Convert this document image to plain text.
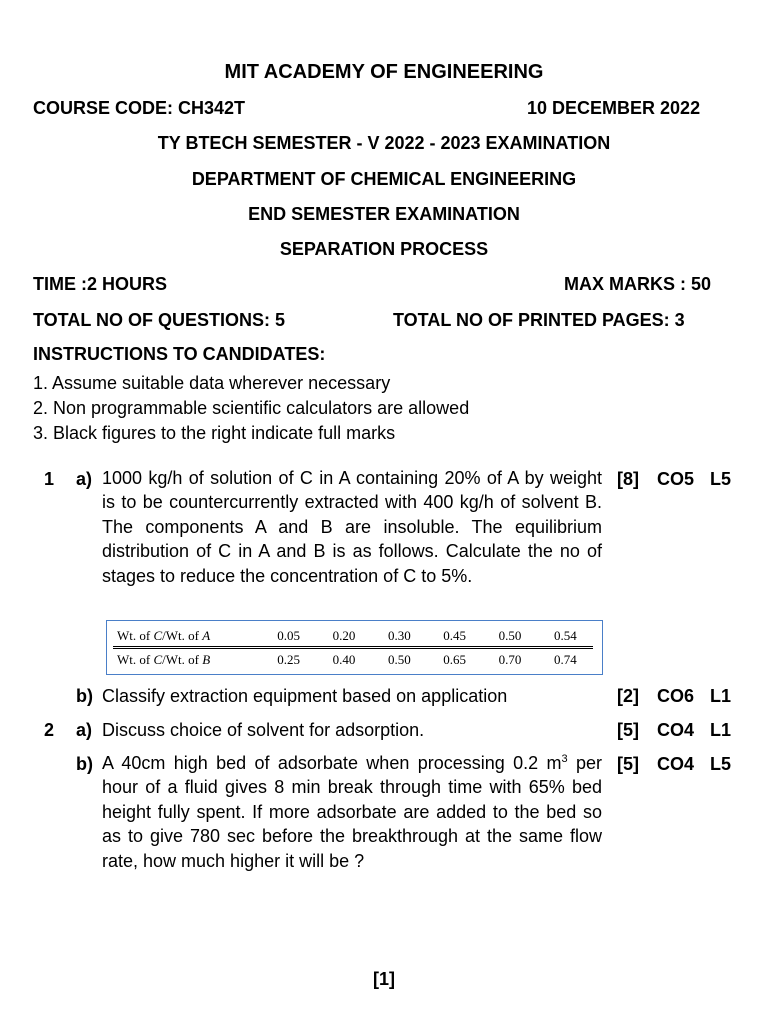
MIT ACADEMY OF ENGINEERING
COURSE CODE: CH342T	10 DECEMBER 2022
TY BTECH SEMESTER - V 2022 - 2023 EXAMINATION
DEPARTMENT OF CHEMICAL ENGINEERING
END SEMESTER EXAMINATION
SEPARATION PROCESS
TIME :2 HOURS	MAX MARKS : 50
TOTAL NO OF QUESTIONS: 5	TOTAL NO OF PRINTED PAGES: 3
INSTRUCTIONS TO CANDIDATES:
1. Assume suitable data wherever necessary
2. Non programmable scientific calculators are allowed
3. Black figures to the right indicate full marks
1 a) 1000 kg/h of solution of C in A containing 20% of A by weight is to be countercurrently extracted with 400 kg/h of solvent B. The components A and B are insoluble. The equilibrium distribution of C in A and B is as follows. Calculate the no of stages to reduce the concentration of C to 5%.
[8] CO5 L5
Wt. of C/Wt. of A	0.05	0.20	0.30	0.45	0.50	0.54
Wt. of C/Wt. of B	0.25	0.40	0.50	0.65	0.70	0.74
b) Classify extraction equipment based on application	[2] CO6 L1
2 a) Discuss choice of solvent for adsorption.	[5] CO4 L1
b) A 40cm high bed of adsorbate when processing 0.2 $m^3$ per hour of a fluid gives 8 min break through time with 65% bed height fully spent. If more adsorbate are added to the bed so as to give 780 sec before the breakthrough at the same flow rate, how much higher it will be ?
[5] CO4 L5
[1]
